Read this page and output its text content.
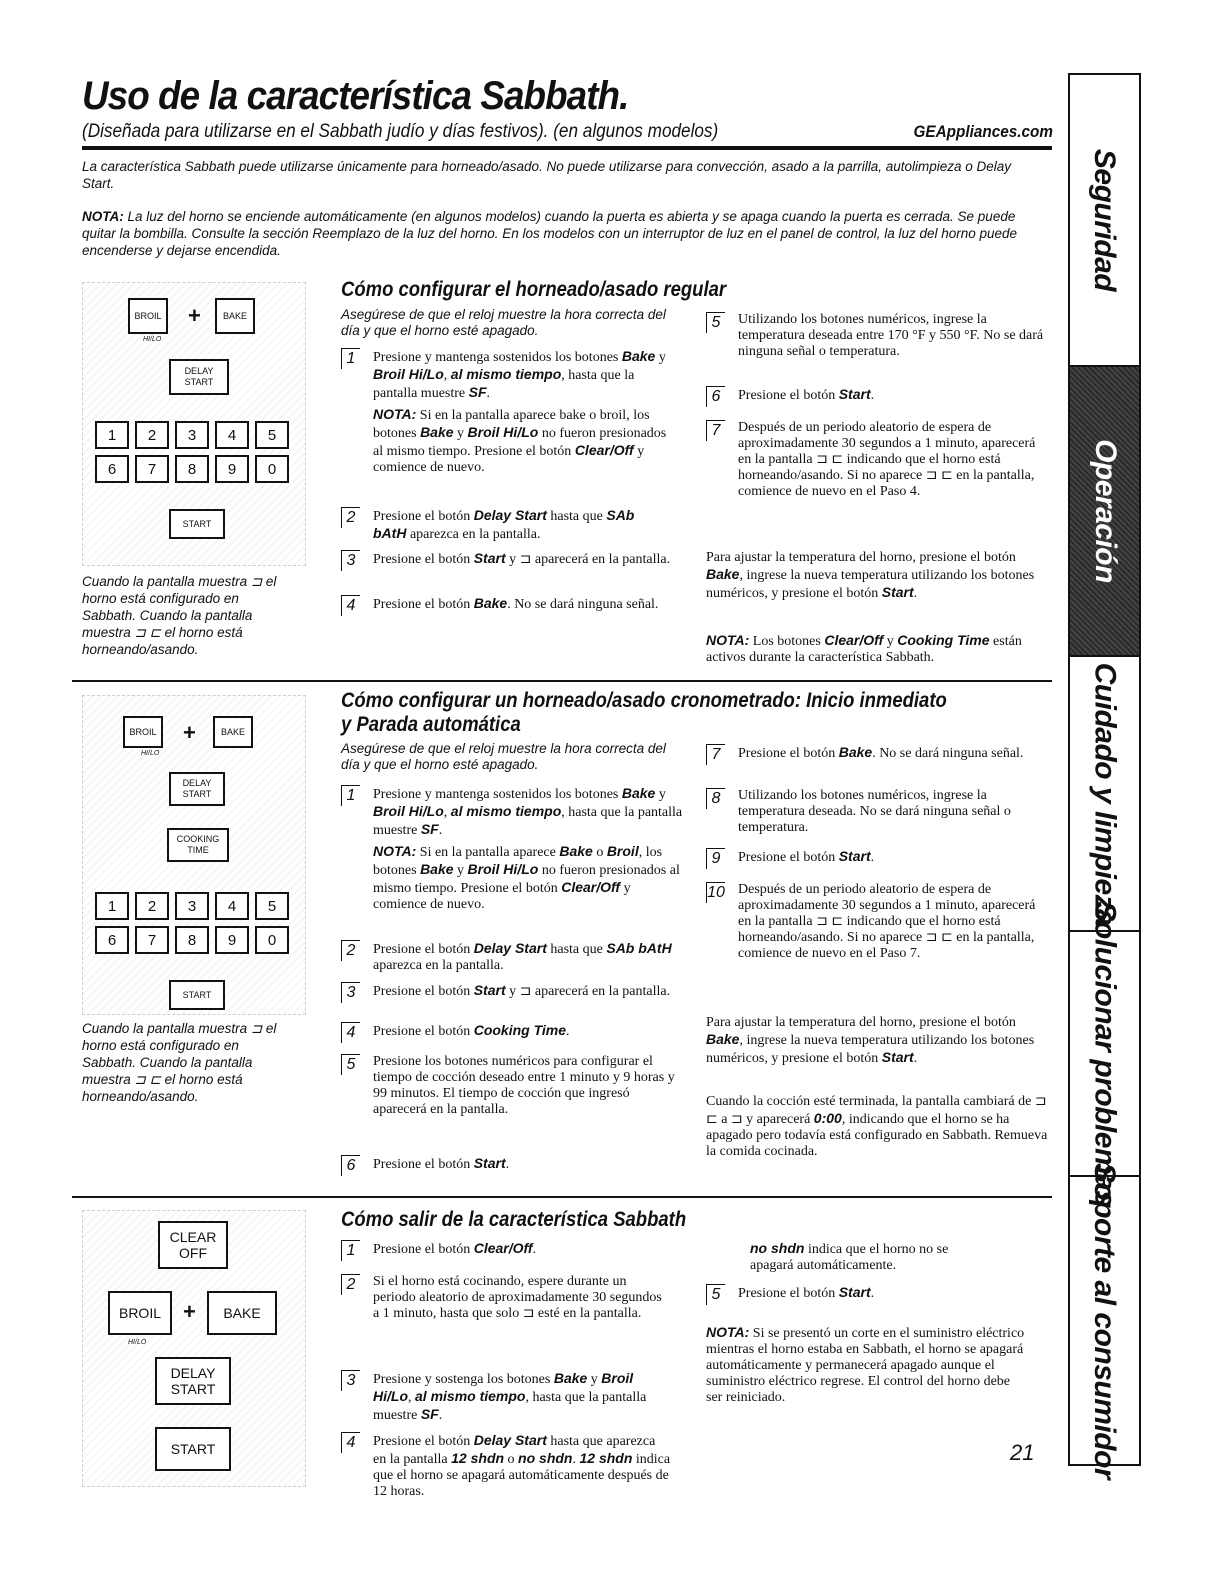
Uso de la característica Sabbath.
(Diseñada para utilizarse en el Sabbath judío y días festivos). (en algunos modelos)	GEAppliances.com
La característica Sabbath puede utilizarse únicamente para horneado/asado. No puede utilizarse para convección, asado a la parrilla, autolimpieza o Delay Start.
NOTA: La luz del horno se enciende automáticamente (en algunos modelos) cuando la puerta es abierta y se apaga cuando la puerta es cerrada. Se puede quitar la bombilla. Consulte la sección Reemplazo de la luz del horno. En los modelos con un interruptor de luz en el panel de control, la luz del horno puede encenderse y dejarse encendida.	Seguridad
Operación
Cuidado y limpieza
Solucionar problemas
Soporte al consumidor
BROIL + BAKE
HI/LO
DELAY
START
START
1	2	3	4	5
6	7	8	9	0
Cuando la pantalla muestra ⊐ el horno está configurado en Sabbath. Cuando la pantalla muestra ⊐ ⊏ el horno está horneando/asando.
Cómo configurar el horneado/asado regular
Asegúrese de que el reloj muestre la hora correcta del día y que el horno esté apagado.
1	Presione y mantenga sostenidos los botones Bake y Broil Hi/Lo, al mismo tiempo, hasta que la pantalla muestre SF.
NOTA: Si en la pantalla aparece bake o broil, los botones Bake y Broil Hi/Lo no fueron presionados al mismo tiempo. Presione el botón Clear/Off y comience de nuevo.
2	Presione el botón Delay Start hasta que SAb bAtH aparezca en la pantalla.
3	Presione el botón Start y ⊐ aparecerá en la pantalla.
4	Presione el botón Bake. No se dará ninguna señal.
5	Utilizando los botones numéricos, ingrese la temperatura deseada entre 170 °F y 550 °F. No se dará ninguna señal o temperatura.
6	Presione el botón Start.
7	Después de un periodo aleatorio de espera de aproximadamente 30 segundos a 1 minuto, aparecerá en la pantalla ⊐ ⊏ indicando que el horno está horneando/asando. Si no aparece ⊐ ⊏ en la pantalla, comience de nuevo en el Paso 4.
Para ajustar la temperatura del horno, presione el botón Bake, ingrese la nueva temperatura utilizando los botones numéricos, y presione el botón Start.
NOTA: Los botones Clear/Off y Cooking Time están activos durante la característica Sabbath.
BROIL +	BAKE
HI/LO
DELAY
START
COOKING
TIME
START
1	2	3	4	5
6	7	8	9	0
Cuando la pantalla muestra ⊐ el horno está configurado en Sabbath. Cuando la pantalla muestra ⊐ ⊏ el horno está horneando/asando.
Cómo configurar un horneado/asado cronometrado: Inicio inmediato
y Parada automática
Asegúrese de que el reloj muestre la hora correcta del día y que el horno esté apagado.
1	Presione y mantenga sostenidos los botones Bake y Broil Hi/Lo, al mismo tiempo, hasta que la pantalla muestre SF.
NOTA: Si en la pantalla aparece Bake o Broil, los botones Bake y Broil Hi/Lo no fueron presionados al mismo tiempo. Presione el botón Clear/Off y comience de nuevo.
2	Presione el botón Delay Start hasta que SAb bAtH aparezca en la pantalla.
3	Presione el botón Start y ⊐ aparecerá en la pantalla.
4	Presione el botón Cooking Time.
5	Presione los botones numéricos para configurar el tiempo de cocción deseado entre 1 minuto y 9 horas y 99 minutos. El tiempo de cocción que ingresó aparecerá en la pantalla.
6	Presione el botón Start.
7	Presione el botón Bake. No se dará ninguna señal.
8	Utilizando los botones numéricos, ingrese la temperatura deseada. No se dará ninguna señal o temperatura.
9	Presione el botón Start.
10 Después de un periodo aleatorio de espera de aproximadamente 30 segundos a 1 minuto, aparecerá en la pantalla ⊐ ⊏ indicando que el horno está horneando/asando. Si no aparece ⊐ ⊏ en la pantalla, comience de nuevo en el Paso 7.
Para ajustar la temperatura del horno, presione el botón Bake, ingrese la nueva temperatura utilizando los botones numéricos, y presione el botón Start.
Cuando la cocción esté terminada, la pantalla cambiará de ⊐ ⊏ a ⊐ y aparecerá 0:00, indicando que el horno se ha apagado pero todavía está configurado en Sabbath. Remueva la comida cocinada.
CLEAR
OFF
BROIL + BAKE
HI/LO
DELAY
START
START
Cómo salir de la característica Sabbath
1	Presione el botón Clear/Off.
2	Si el horno está cocinando, espere durante un periodo aleatorio de aproximadamente 30 segundos a 1 minuto, hasta que solo ⊐ esté en la pantalla.
3	Presione y sostenga los botones Bake y Broil Hi/Lo, al mismo tiempo, hasta que la pantalla muestre SF.
4	Presione el botón Delay Start hasta que aparezca en la pantalla 12 shdn o no shdn. 12 shdn indica que el horno se apagará automáticamente después de 12 horas.
no shdn indica que el horno no se apagará automáticamente.
5	Presione el botón Start.
NOTA: Si se presentó un corte en el suministro eléctrico mientras el horno estaba en Sabbath, el horno se apagará automáticamente y permanecerá apagado aunque el suministro eléctrico regrese. El control del horno debe ser reiniciado.
21
